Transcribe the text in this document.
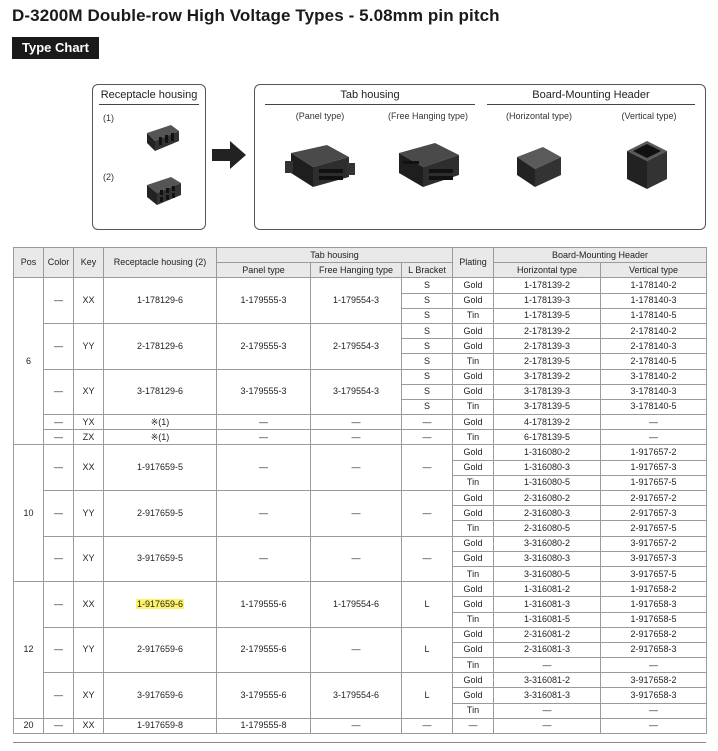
D-3200M Double-row High Voltage Types - 5.08mm pin pitch
Type Chart
Receptacle housing
(1)
(2)
Tab housing	Board-Mounting Header
(Panel type)	(Free Hanging type)	(Horizontal type)	(Vertical type)
Pos	Color	Key	Receptacle housing (2)	Tab housing			Plating	Board-Mounting Header	
				Panel type	Free Hanging type	L Bracket		Horizontal type	Vertical type
6	—	XX	1-178129-6	1-179555-3	1-179554-3	S	Gold	1-178139-2	1-178140-2
						S	Gold	1-178139-3	1-178140-3
						S	Tin	1-178139-5	1-178140-5
	—	YY	2-178129-6	2-179555-3	2-179554-3	S	Gold	2-178139-2	2-178140-2
						S	Gold	2-178139-3	2-178140-3
						S	Tin	2-178139-5	2-178140-5
	—	XY	3-178129-6	3-179555-3	3-179554-3	S	Gold	3-178139-2	3-178140-2
						S	Gold	3-178139-3	3-178140-3
						S	Tin	3-178139-5	3-178140-5
	—	YX	※(1)	—	—	—	Gold	4-178139-2	—
	—	ZX	※(1)	—	—	—	Tin	6-178139-5	—
10	—	XX	1-917659-5	—	—	—	Gold	1-316080-2	1-917657-2
							Gold	1-316080-3	1-917657-3
							Tin	1-316080-5	1-917657-5
	—	YY	2-917659-5	—	—	—	Gold	2-316080-2	2-917657-2
							Gold	2-316080-3	2-917657-3
							Tin	2-316080-5	2-917657-5
	—	XY	3-917659-5	—	—	—	Gold	3-316080-2	3-917657-2
							Gold	3-316080-3	3-917657-3
							Tin	3-316080-5	3-917657-5
12	—	XX	1-917659-6	1-179555-6	1-179554-6	L	Gold	1-316081-2	1-917658-2
							Gold	1-316081-3	1-917658-3
							Tin	1-316081-5	1-917658-5
	—	YY	2-917659-6	2-179555-6	—	L	Gold	2-316081-2	2-917658-2
							Gold	2-316081-3	2-917658-3
							Tin	—	—
	—	XY	3-917659-6	3-179555-6	3-179554-6	L	Gold	3-316081-2	3-917658-2
							Gold	3-316081-3	3-917658-3
							Tin	—	—
20	—	XX	1-917659-8	1-179555-8	—	—	—	—	—
